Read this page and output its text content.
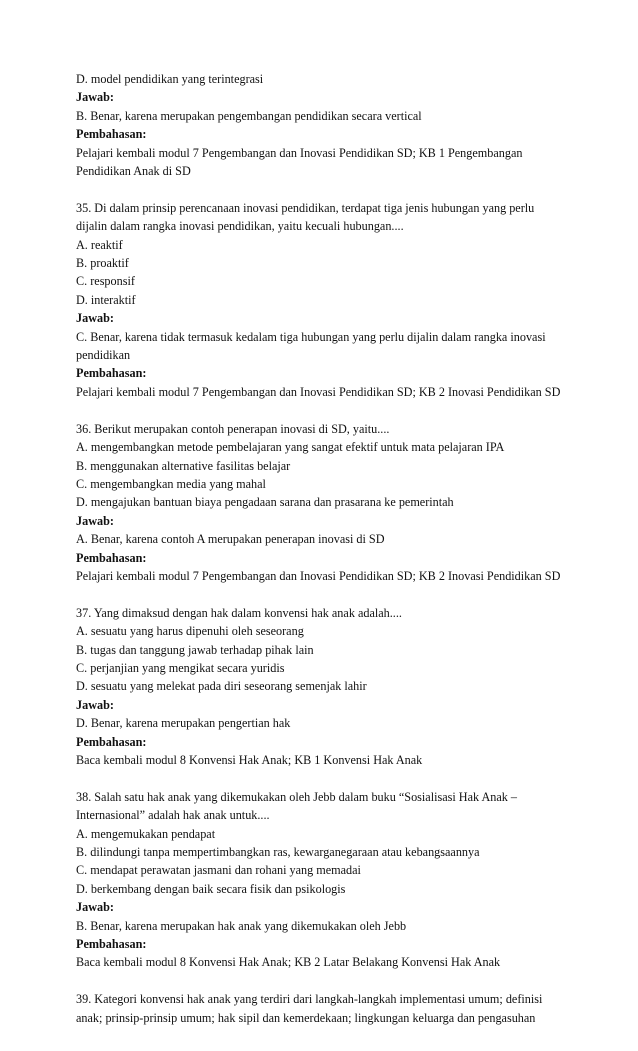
D. model pendidikan yang terintegrasi
Jawab:
B. Benar, karena merupakan pengembangan pendidikan secara vertical
Pembahasan:
Pelajari kembali modul 7 Pengembangan dan Inovasi Pendidikan SD; KB 1 Pengembangan Pendidikan Anak di SD
35. Di dalam prinsip perencanaan inovasi pendidikan, terdapat tiga jenis hubungan yang perlu dijalin dalam rangka inovasi pendidikan, yaitu kecuali hubungan....
A. reaktif
B. proaktif
C. responsif
D. interaktif
Jawab:
C. Benar, karena tidak termasuk kedalam tiga hubungan yang perlu dijalin dalam rangka inovasi pendidikan
Pembahasan:
Pelajari kembali modul 7 Pengembangan dan Inovasi Pendidikan SD; KB 2 Inovasi Pendidikan SD
36. Berikut merupakan contoh penerapan inovasi di SD, yaitu....
A. mengembangkan metode pembelajaran yang sangat efektif untuk mata pelajaran IPA
B. menggunakan alternative fasilitas belajar
C. mengembangkan media yang mahal
D. mengajukan bantuan biaya pengadaan sarana dan prasarana ke pemerintah
Jawab:
A. Benar, karena contoh A merupakan penerapan inovasi di SD
Pembahasan:
Pelajari kembali modul 7 Pengembangan dan Inovasi Pendidikan SD; KB 2 Inovasi Pendidikan SD
37. Yang dimaksud dengan hak dalam konvensi hak anak adalah....
A. sesuatu yang harus dipenuhi oleh seseorang
B. tugas dan tanggung jawab terhadap pihak lain
C. perjanjian yang mengikat secara yuridis
D. sesuatu yang melekat pada diri seseorang semenjak lahir
Jawab:
D. Benar, karena merupakan pengertian hak
Pembahasan:
Baca kembali modul 8 Konvensi Hak Anak; KB 1 Konvensi Hak Anak
38. Salah satu hak anak yang dikemukakan oleh Jebb dalam buku “Sosialisasi Hak Anak – Internasional” adalah hak anak untuk....
A. mengemukakan pendapat
B. dilindungi tanpa mempertimbangkan ras, kewarganegaraan atau kebangsaannya
C. mendapat perawatan jasmani dan rohani yang memadai
D. berkembang dengan baik secara fisik dan psikologis
Jawab:
B. Benar, karena merupakan hak anak yang dikemukakan oleh Jebb
Pembahasan:
Baca kembali modul 8 Konvensi Hak Anak; KB 2 Latar Belakang Konvensi Hak Anak
39. Kategori konvensi hak anak yang terdiri dari langkah-langkah implementasi umum; definisi anak; prinsip-prinsip umum; hak sipil dan kemerdekaan; lingkungan keluarga dan pengasuhan
